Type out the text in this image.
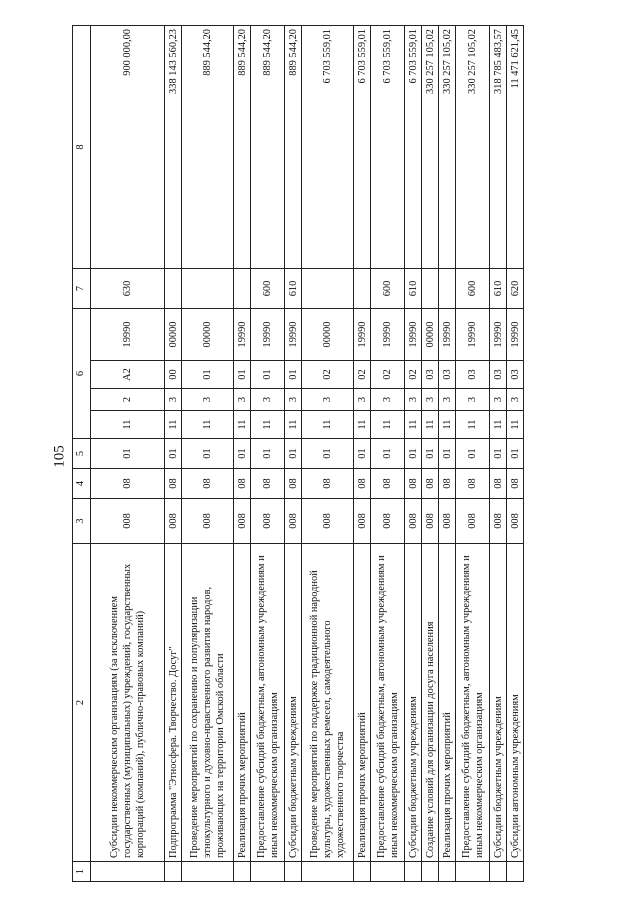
105
1	2	3	4	5	6				7	8
	Субсидии некоммерческим организациям (за исключением государственных (муниципальных) учреждений, государственных корпораций (компаний), публично-правовых компаний)	008	08	01	11	2	А2	19990	630	900 000,00
	Подпрограмма "Этносфера. Творчество. Досуг"	008	08	01	11	3	00	00000		338 143 560,23
	Проведение мероприятий по сохранению и популяризации этнокультурного и духовно-нравственного развития народов, проживающих на территории Омской области	008	08	01	11	3	01	00000		889 544,20
	Реализация прочих мероприятий	008	08	01	11	3	01	19990		889 544,20
	Предоставление субсидий бюджетным, автономным учреждениям и иным некоммерческим организациям	008	08	01	11	3	01	19990	600	889 544,20
	Субсидии бюджетным учреждениям	008	08	01	11	3	01	19990	610	889 544,20
	Проведение мероприятий по поддержке традиционной народной культуры, художественных ремесел, самодеятельного художественного творчества	008	08	01	11	3	02	00000		6 703 559,01
	Реализация прочих мероприятий	008	08	01	11	3	02	19990		6 703 559,01
	Предоставление субсидий бюджетным, автономным учреждениям и иным некоммерческим организациям	008	08	01	11	3	02	19990	600	6 703 559,01
	Субсидии бюджетным учреждениям	008	08	01	11	3	02	19990	610	6 703 559,01
	Создание условий для организации досуга населения	008	08	01	11	3	03	00000		330 257 105,02
	Реализация прочих мероприятий	008	08	01	11	3	03	19990		330 257 105,02
	Предоставление субсидий бюджетным, автономным учреждениям и иным некоммерческим организациям	008	08	01	11	3	03	19990	600	330 257 105,02
	Субсидии бюджетным учреждениям	008	08	01	11	3	03	19990	610	318 785 483,57
	Субсидии автономным учреждениям	008	08	01	11	3	03	19990	620	11 471 621,45
